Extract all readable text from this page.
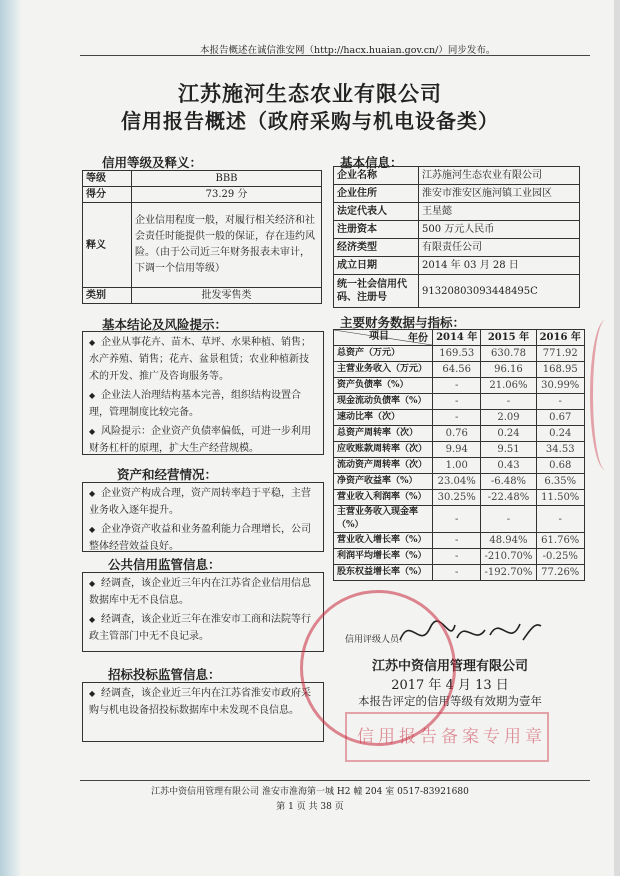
本报告概述在诚信淮安网（http://hacx.huaian.gov.cn/）同步发布。
江苏施河生态农业有限公司
信用报告概述（政府采购与机电设备类）
信用等级及释义：
等级	BBB
得分	73.29 分
释义	企业信用程度一般，对履行相关经济和社会责任时能提供一般的保证，存在违约风险。（由于公司近三年财务报表未审计，下调一个信用等级）
类别	批发零售类
基本信息：
企业名称	江苏施河生态农业有限公司
企业住所	淮安市淮安区施河镇工业园区
法定代表人	王星懿
注册资本	500 万元人民币
经济类型	有限责任公司
成立日期	2014 年 03 月 28 日
统一社会信用代码、注册号	91320803093448495C
基本结论及风险提示：

◆ 企业从事花卉、苗木、草坪、水果种植、销售；水产养殖、销售；花卉、盆景租赁；农业种植新技术的开发、推广及咨询服务等。

◆ 企业法人治理结构基本完善，组织结构设置合理，管理制度比较完备。

◆ 风险提示：企业资产负债率偏低，可进一步利用财务杠杆的原理，扩大生产经营规模。

资产和经营情况：

◆ 企业资产构成合理，资产周转率趋于平稳，主营业务收入逐年提升。

◆ 企业净资产收益和业务盈利能力合理增长，公司整体经营效益良好。

公共信用监管信息：

◆ 经调查，该企业近三年内在江苏省企业信用信息数据库中无不良信息。

◆ 经调查，该企业近三年在淮安市工商和法院等行政主管部门中无不良记录。

招标投标监管信息：

◆ 经调查，该企业近三年内在江苏省淮安市政府采购与机电设备招投标数据库中未发现不良信息。

主要财务数据与指标：
年份
项目	2014 年	2015 年	2016 年
总资产（万元）	169.53	630.78	771.92
主营业务收入（万元）	64.56	96.16	168.95
资产负债率（%）	-	21.06%	30.99%
现金流动负债率（%）	-	-	-
速动比率（次）	-	2.09	0.67
总资产周转率（次）	0.76	0.24	0.24
应收账款周转率（次）	9.94	9.51	34.53
流动资产周转率（次）	1.00	0.43	0.68
净资产收益率（%）	23.04%	-6.48%	6.35%
营业收入利润率（%）	30.25%	-22.48%	11.50%
主营业务收入现金率（%）	-	-	-
营业收入增长率（%）	-	48.94%	61.76%
利润平均增长率（%）	-	-210.70%	-0.25%
股东权益增长率（%）	-	-192.70%	77.26%
信用评级人员：
江苏中资信用管理有限公司
2017 年 4 月 13 日
本报告评定的信用等级有效期为壹年
信用报告备案专用章
江苏中资信用管理有限公司 淮安市淮海第一城 H2 幢 204 室 0517-83921680
第 1 页 共 38 页
